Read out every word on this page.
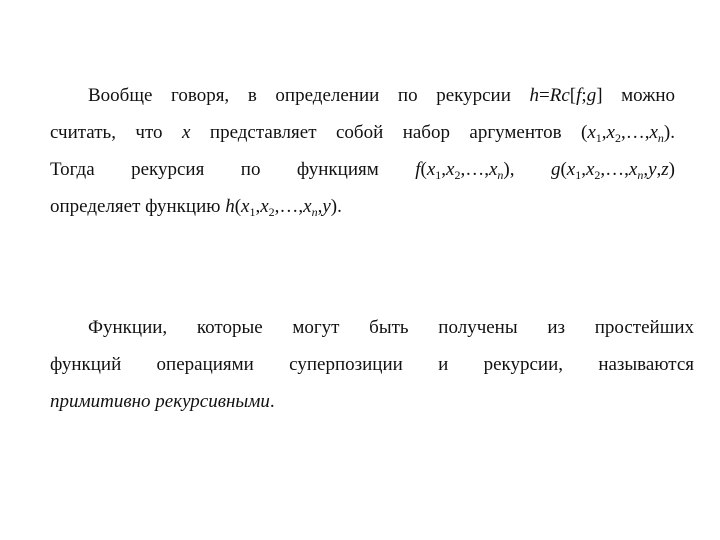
Вообще говоря, в определении по рекурсии h=Rc[f;g] можно
считать, что x представляет собой набор аргументов $(x_1,x_2,\dots,x_n)$.
Тогда рекурсия по функциям $f(x_1,x_2,\dots,x_n)$, $g(x_1,x_2,\dots,x_n,y,z)$
определяет функцию $h(x_1,x_2,\dots,x_n,y)$.
Функции, которые могут быть получены из простейших
функций операциями суперпозиции и рекурсии, называются
примитивно рекурсивными.
